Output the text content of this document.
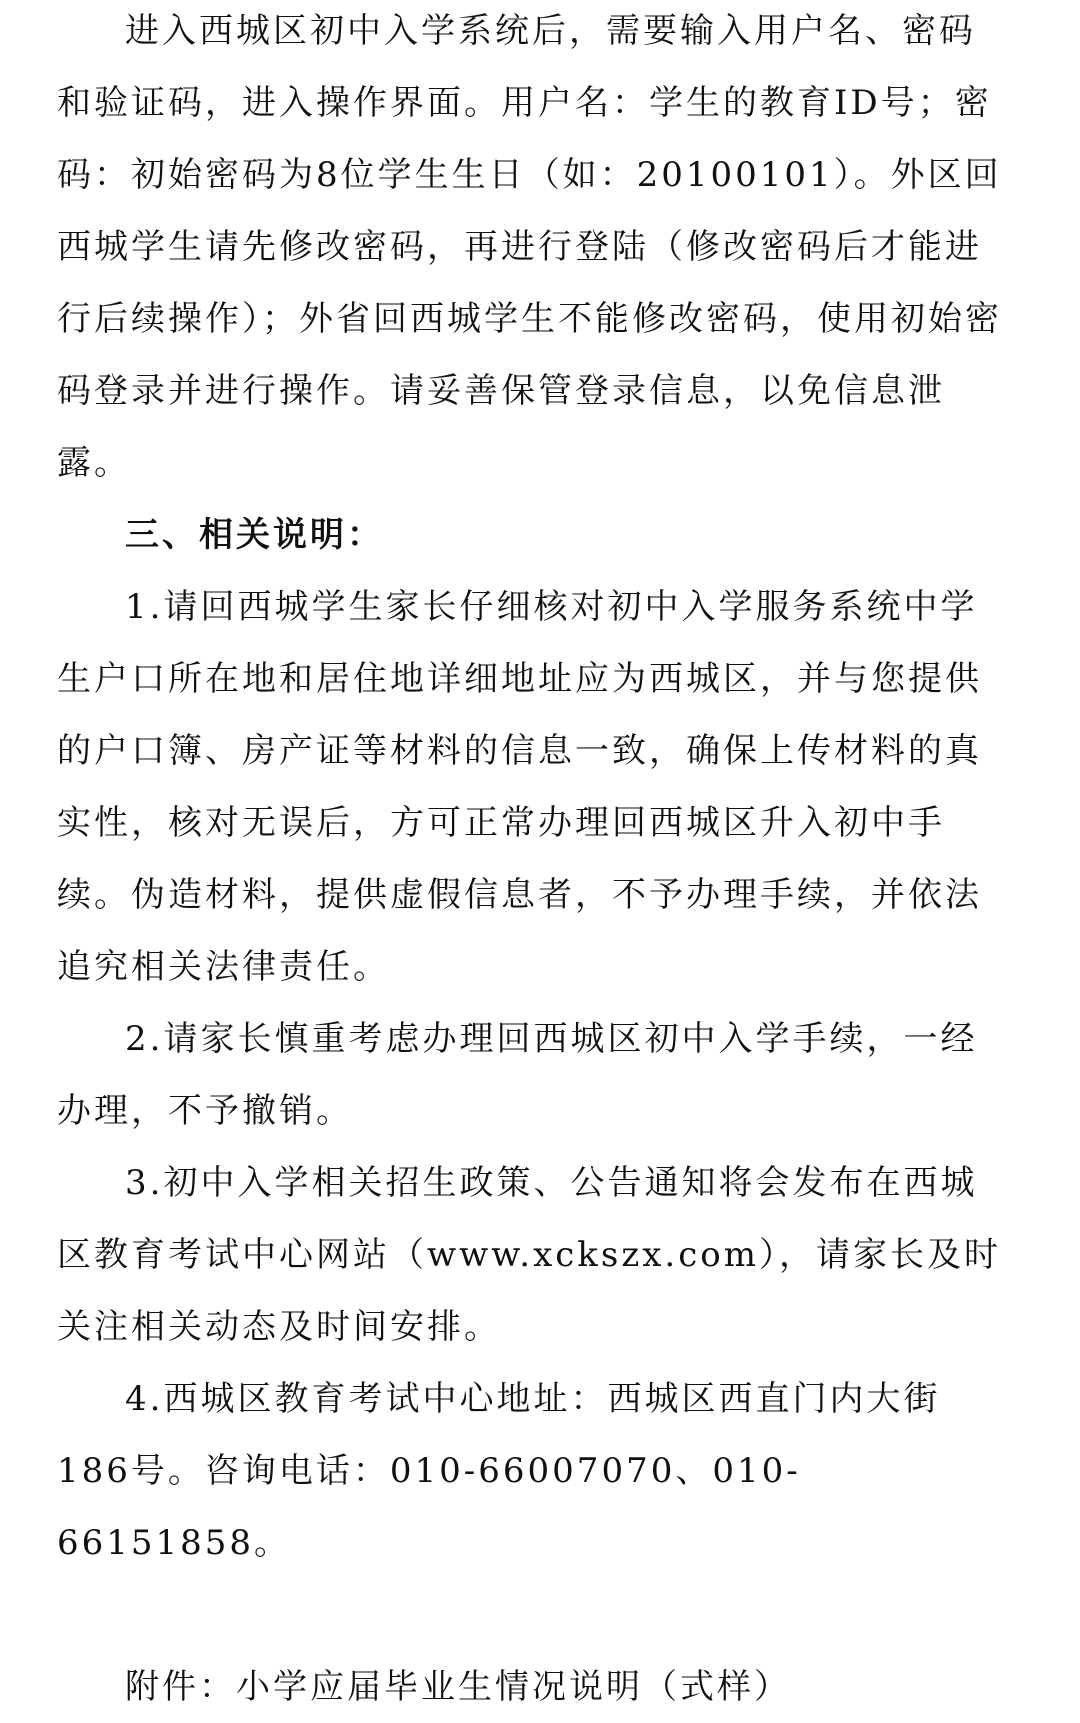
进入西城区初中入学系统后，需要输入用户名、密码和验证码，进入操作界面。用户名：学生的教育ID号；密码：初始密码为8位学生生日（如：20100101）。外区回西城学生请先修改密码，再进行登陆（修改密码后才能进行后续操作）；外省回西城学生不能修改密码，使用初始密码登录并进行操作。请妥善保管登录信息，以免信息泄露。

三、相关说明：

1.请回西城学生家长仔细核对初中入学服务系统中学生户口所在地和居住地详细地址应为西城区，并与您提供的户口簿、房产证等材料的信息一致，确保上传材料的真实性，核对无误后，方可正常办理回西城区升入初中手续。伪造材料，提供虚假信息者，不予办理手续，并依法追究相关法律责任。

2.请家长慎重考虑办理回西城区初中入学手续，一经办理，不予撤销。

3.初中入学相关招生政策、公告通知将会发布在西城区教育考试中心网站（www.xckszx.com），请家长及时关注相关动态及时间安排。

4.西城区教育考试中心地址：西城区西直门内大街186号。咨询电话：010-66007070、010-66151858。

附件：小学应届毕业生情况说明（式样）
